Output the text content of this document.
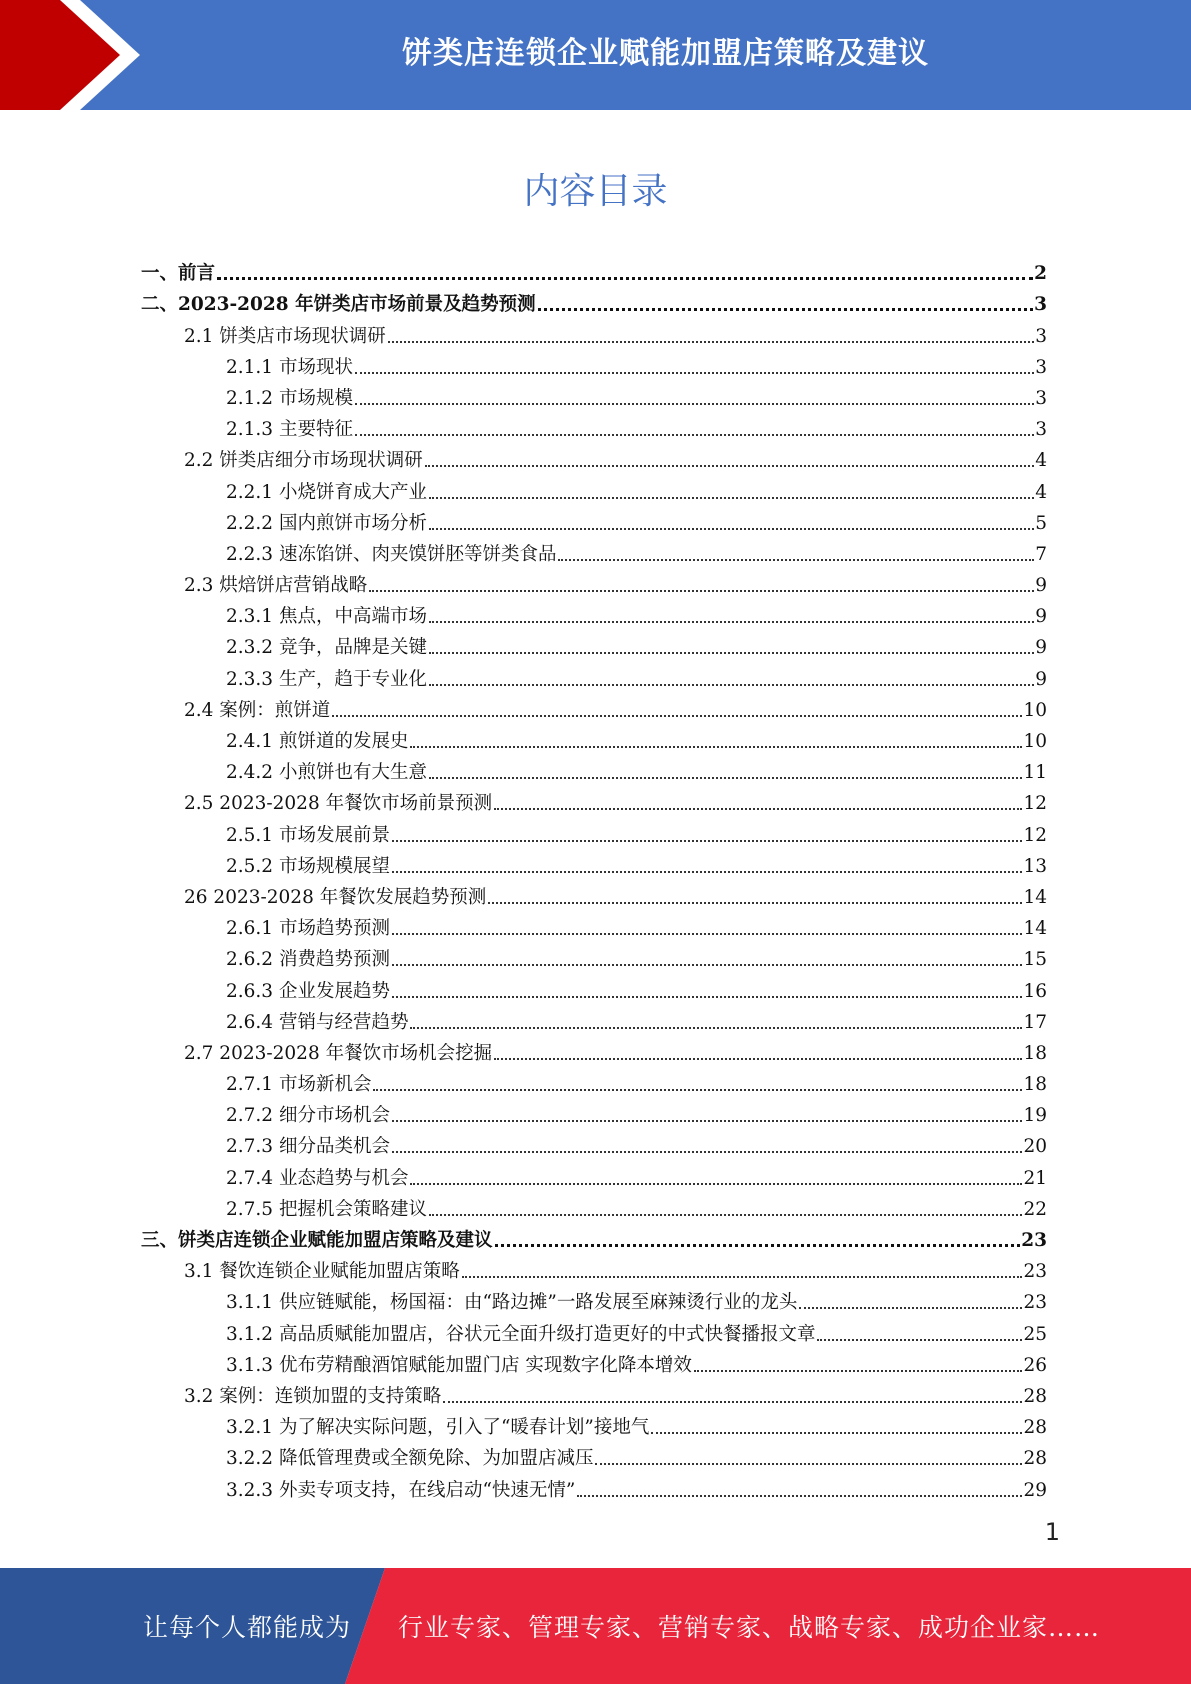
饼类店连锁企业赋能加盟店策略及建议
内容目录
一、前言	2
二、2023-2028 年饼类店市场前景及趋势预测	3
2.1 饼类店市场现状调研	3
2.1.1 市场现状	3
2.1.2 市场规模	3
2.1.3 主要特征	3
2.2 饼类店细分市场现状调研	4
2.2.1 小烧饼育成大产业	4
2.2.2 国内煎饼市场分析	5
2.2.3 速冻馅饼、肉夹馍饼胚等饼类食品	7
2.3 烘焙饼店营销战略	9
2.3.1 焦点，中高端市场	9
2.3.2 竞争，品牌是关键	9
2.3.3 生产，趋于专业化	9
2.4 案例：煎饼道	10
2.4.1 煎饼道的发展史	10
2.4.2 小煎饼也有大生意	11
2.5 2023-2028 年餐饮市场前景预测	12
2.5.1 市场发展前景	12
2.5.2 市场规模展望	13
26 2023-2028 年餐饮发展趋势预测	14
2.6.1 市场趋势预测	14
2.6.2 消费趋势预测	15
2.6.3 企业发展趋势	16
2.6.4 营销与经营趋势	17
2.7 2023-2028 年餐饮市场机会挖掘	18
2.7.1 市场新机会	18
2.7.2 细分市场机会	19
2.7.3 细分品类机会	20
2.7.4 业态趋势与机会	21
2.7.5 把握机会策略建议	22
三、饼类店连锁企业赋能加盟店策略及建议	23
3.1 餐饮连锁企业赋能加盟店策略	23
3.1.1 供应链赋能，杨国福：由“路边摊”一路发展至麻辣烫行业的龙头	23
3.1.2 高品质赋能加盟店，谷状元全面升级打造更好的中式快餐播报文章	25
3.1.3 优布劳精酿酒馆赋能加盟门店 实现数字化降本增效	26
3.2 案例：连锁加盟的支持策略	28
3.2.1 为了解决实际问题，引入了“暖春计划”接地气	28
3.2.2 降低管理费或全额免除、为加盟店减压	28
3.2.3 外卖专项支持，在线启动“快速无情”	29
1
让每个人都能成为 行业专家、管理专家、营销专家、战略专家、成功企业家……
